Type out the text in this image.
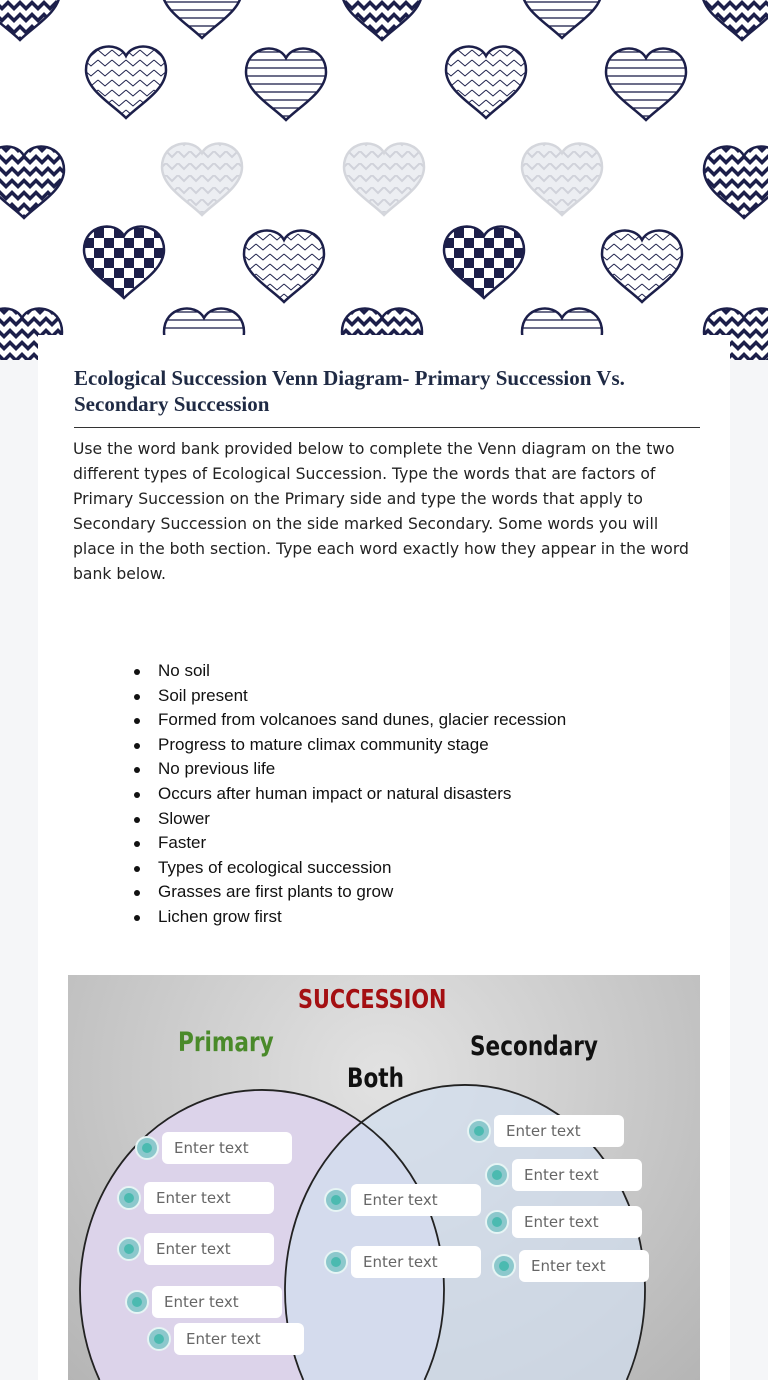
Ecological Succession Venn Diagram- Primary Succession Vs. Secondary Succession

Use the word bank provided below to complete the Venn diagram on the two different types of Ecological Succession. Type the words that are factors of Primary Succession on the Primary side and type the words that apply to Secondary Succession on the side marked Secondary. Some words you will place in the both section. Type each word exactly how they appear in the word bank below.

No soil
Soil present
Formed from volcanoes sand dunes, glacier recession
Progress to mature climax community stage
No previous life
Occurs after human impact or natural disasters
Slower
Faster
Types of ecological succession
Grasses are first plants to grow
Lichen grow first
SUCCESSION
Primary	Secondary
Both
Enter text
Enter text
Enter text
Enter text
Enter text
Enter text
Enter text
Enter text
Enter text
Enter text
Enter text
